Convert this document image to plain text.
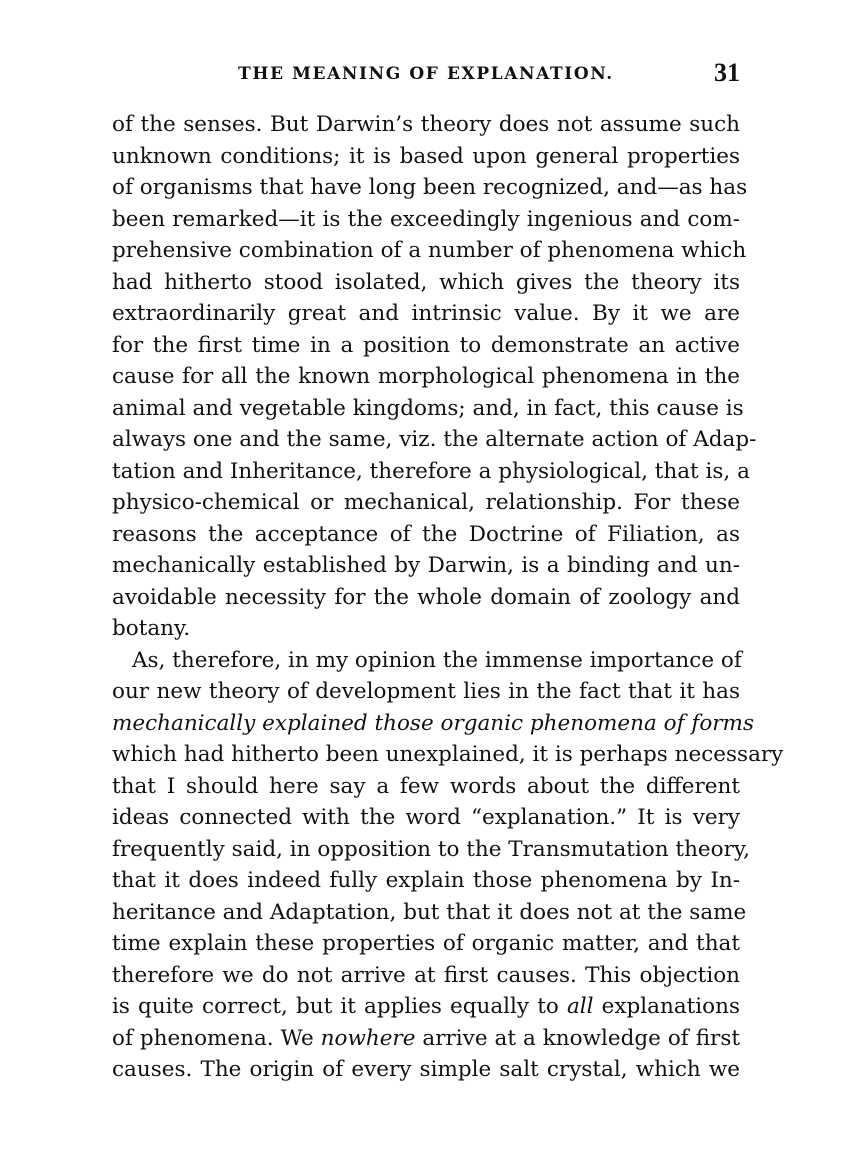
THE MEANING OF EXPLANATION.	31
of the senses. But Darwin’s theory does not assume such
unknown conditions; it is based upon general properties
of organisms that have long been recognized, and—as has
been remarked—it is the exceedingly ingenious and com-
prehensive combination of a number of phenomena which
had hitherto stood isolated, which gives the theory its
extraordinarily great and intrinsic value. By it we are
for the first time in a position to demonstrate an active
cause for all the known morphological phenomena in the
animal and vegetable kingdoms; and, in fact, this cause is
always one and the same, viz. the alternate action of Adap-
tation and Inheritance, therefore a physiological, that is, a
physico-chemical or mechanical, relationship. For these
reasons the acceptance of the Doctrine of Filiation, as
mechanically established by Darwin, is a binding and un-
avoidable necessity for the whole domain of zoology and
botany.
As, therefore, in my opinion the immense importance of
our new theory of development lies in the fact that it has
mechanically explained those organic phenomena of forms
which had hitherto been unexplained, it is perhaps necessary
that I should here say a few words about the different
ideas connected with the word “explanation.” It is very
frequently said, in opposition to the Transmutation theory,
that it does indeed fully explain those phenomena by In-
heritance and Adaptation, but that it does not at the same
time explain these properties of organic matter, and that
therefore we do not arrive at first causes. This objection
is quite correct, but it applies equally to all explanations
of phenomena. We nowhere arrive at a knowledge of first
causes. The origin of every simple salt crystal, which we
